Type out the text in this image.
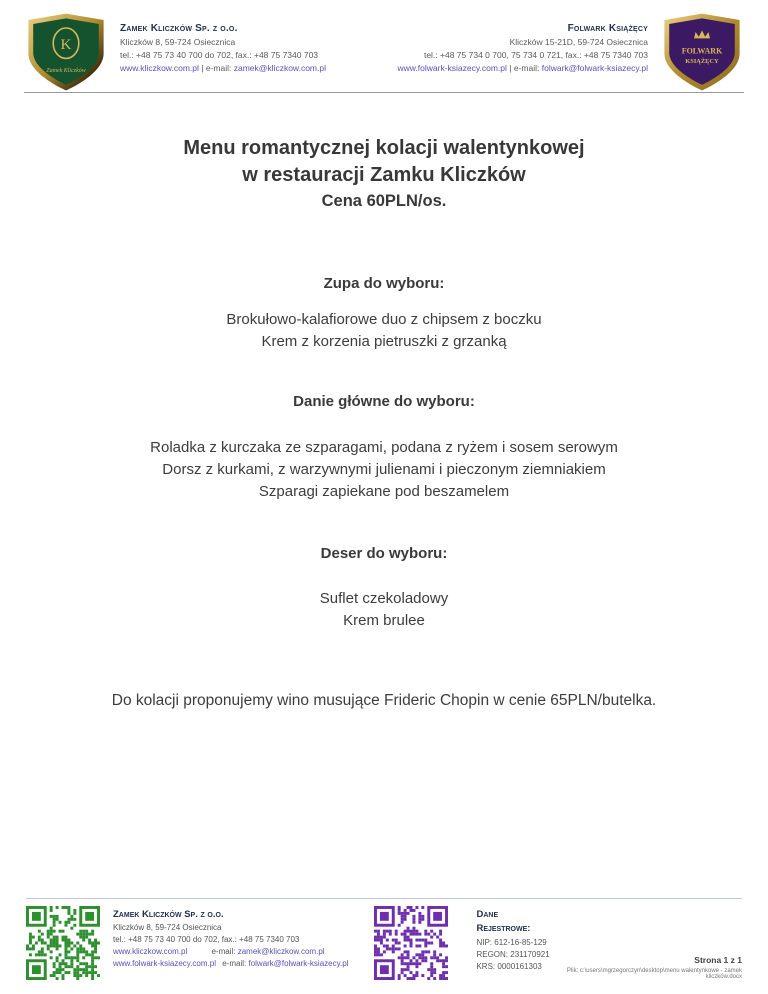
K
Zamek Kliczków
Zamek Kliczków Sp. z o.o.
Kliczków 8, 59-724 Osiecznica
tel.: +48 75 73 40 700 do 702, fax.: +48 75 7340 703
www.kliczkow.com.pl | e-mail: zamek@kliczkow.com.pl
Folwark Książęcy
Kliczków 15-21D, 59-724 Osiecznica
tel.: +48 75 734 0 700, 75 734 0 721, fax.: +48 75 7340 703
www.folwark-ksiazecy.com.pl | e-mail: folwark@folwark-ksiazecy.pl
FOLWARK
KSIĄŻĘCY
Menu romantycznej kolacji walentynkowej
w restauracji Zamku Kliczków
Cena 60PLN/os.
Zupa do wyboru:

Brokułowo-kalafiorowe duo z chipsem z boczku

Krem z korzenia pietruszki z grzanką

Danie główne do wyboru:

Roladka z kurczaka ze szparagami, podana z ryżem i sosem serowym

Dorsz z kurkami, z warzywnymi julienami i pieczonym ziemniakiem

Szparagi zapiekane pod beszamelem

Deser do wyboru:

Suflet czekoladowy

Krem brulee

Do kolacji proponujemy wino musujące Frideric Chopin w cenie 65PLN/butelka.

Zamek Kliczków Sp. z o.o.
Kliczków 8, 59-724 Osiecznica
tel.: +48 75 73 40 700 do 702, fax.: +48 75 7340 703
www.kliczkow.com.pl	e-mail: zamek@kliczkow.com.pl
www.folwark-ksiazecy.com.pl e-mail: folwark@folwark-ksiazecy.pl
Dane Rejestrowe:
NIP: 612-16-85-129
REGON: 231170921
KRS: 0000161303
Strona 1 z 1
Plik: c:\users\mgrzegorczyn\desktop\menu walentynkowe - zamek kliczków.docx
